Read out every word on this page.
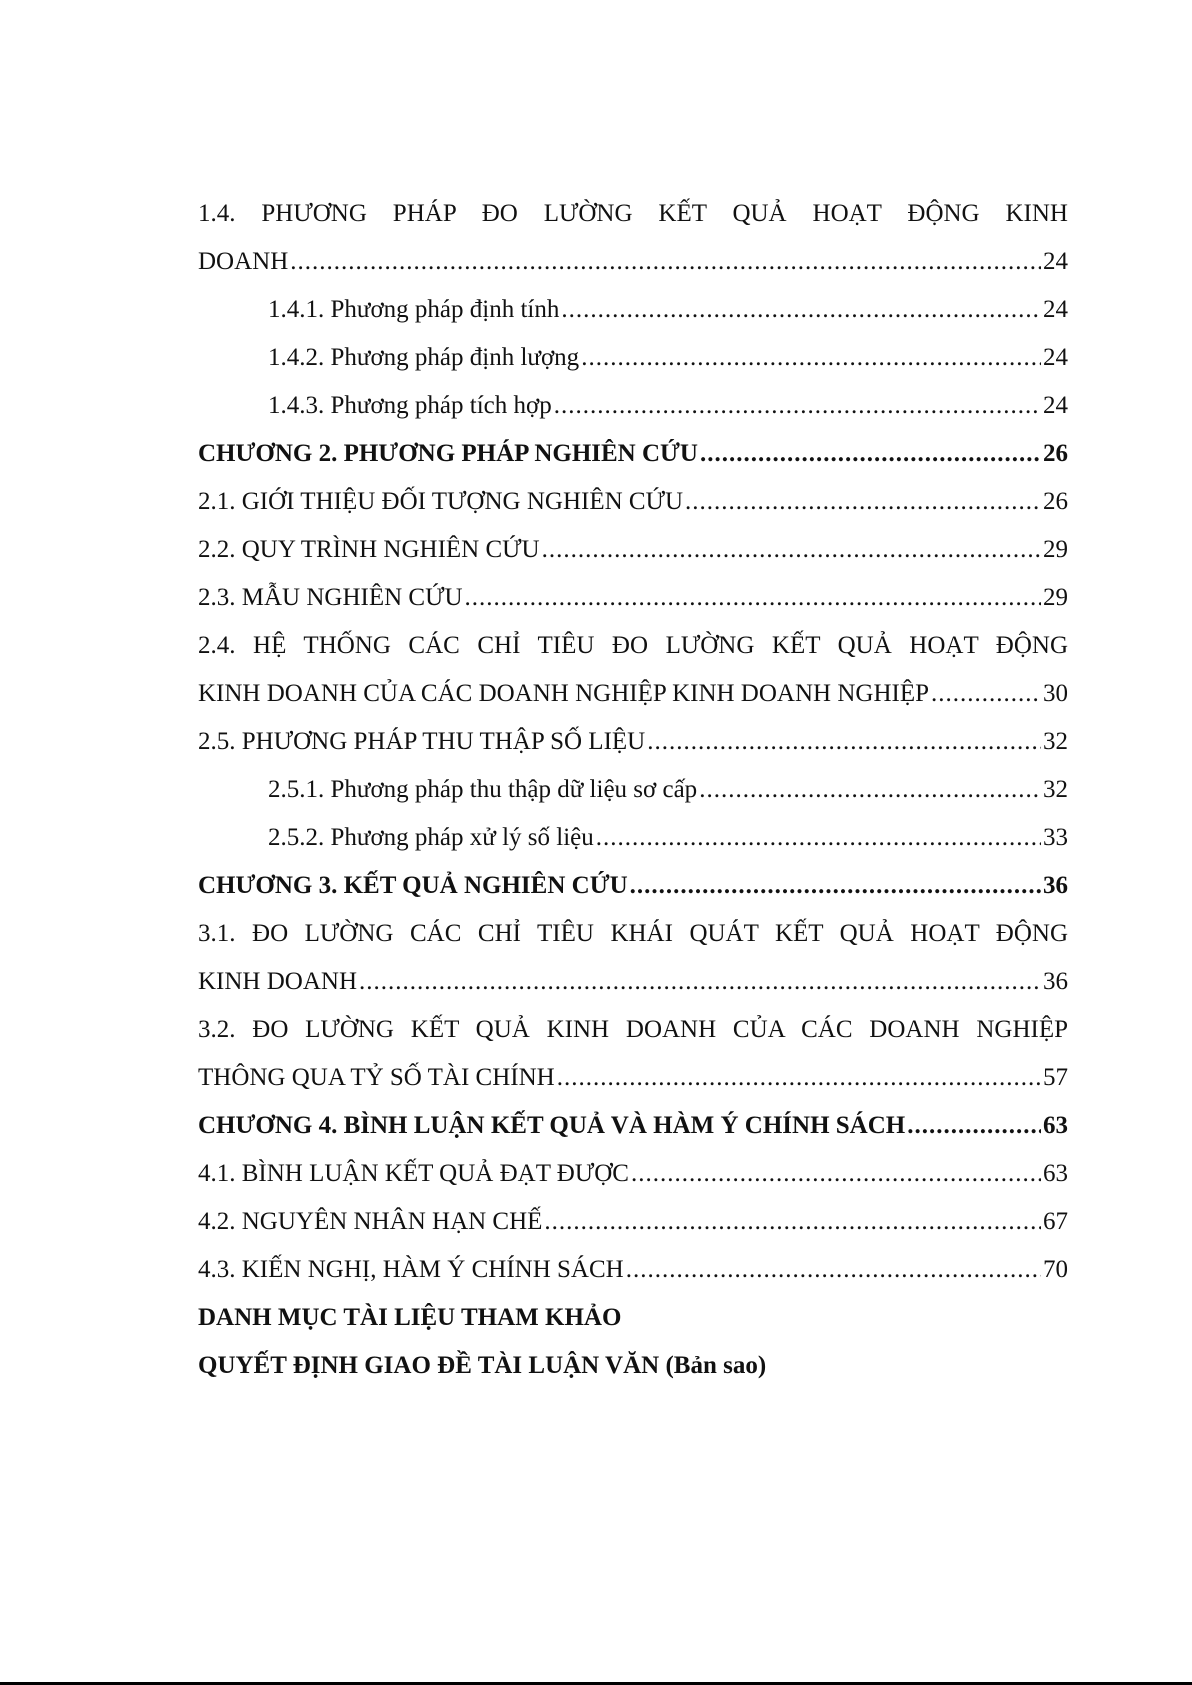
1.4. PHƯƠNG PHÁP ĐO LƯỜNG KẾT QUẢ HOẠT ĐỘNG KINH
DOANH .....	24
1.4.1. Phương pháp định tính .....	24
1.4.2. Phương pháp định lượng .....	24
1.4.3. Phương pháp tích hợp .....	24
CHƯƠNG 2. PHƯƠNG PHÁP NGHIÊN CỨU .....	26
2.1. GIỚI THIỆU ĐỐI TƯỢNG NGHIÊN CỨU .....	26
2.2. QUY TRÌNH NGHIÊN CỨU .....	29
2.3. MẪU NGHIÊN CỨU .....	29
2.4. HỆ THỐNG CÁC CHỈ TIÊU ĐO LƯỜNG KẾT QUẢ HOẠT ĐỘNG
KINH DOANH CỦA CÁC DOANH NGHIỆP KINH DOANH NGHIỆP .....	30
2.5. PHƯƠNG PHÁP THU THẬP SỐ LIỆU .....	32
2.5.1. Phương pháp thu thập dữ liệu sơ cấp .....	32
2.5.2. Phương pháp xử lý số liệu .....	33
CHƯƠNG 3. KẾT QUẢ NGHIÊN CỨU .....	36
3.1. ĐO LƯỜNG CÁC CHỈ TIÊU KHÁI QUÁT KẾT QUẢ HOẠT ĐỘNG
KINH DOANH .....	36
3.2. ĐO LƯỜNG KẾT QUẢ KINH DOANH CỦA CÁC DOANH NGHIỆP
THÔNG QUA TỶ SỐ TÀI CHÍNH .....	57
CHƯƠNG 4. BÌNH LUẬN KẾT QUẢ VÀ HÀM Ý CHÍNH SÁCH .....	63
4.1. BÌNH LUẬN KẾT QUẢ ĐẠT ĐƯỢC .....	63
4.2. NGUYÊN NHÂN HẠN CHẾ .....	67
4.3. KIẾN NGHỊ, HÀM Ý CHÍNH SÁCH .....	70
DANH MỤC TÀI LIỆU THAM KHẢO
QUYẾT ĐỊNH GIAO ĐỀ TÀI LUẬN VĂN (Bản sao)
